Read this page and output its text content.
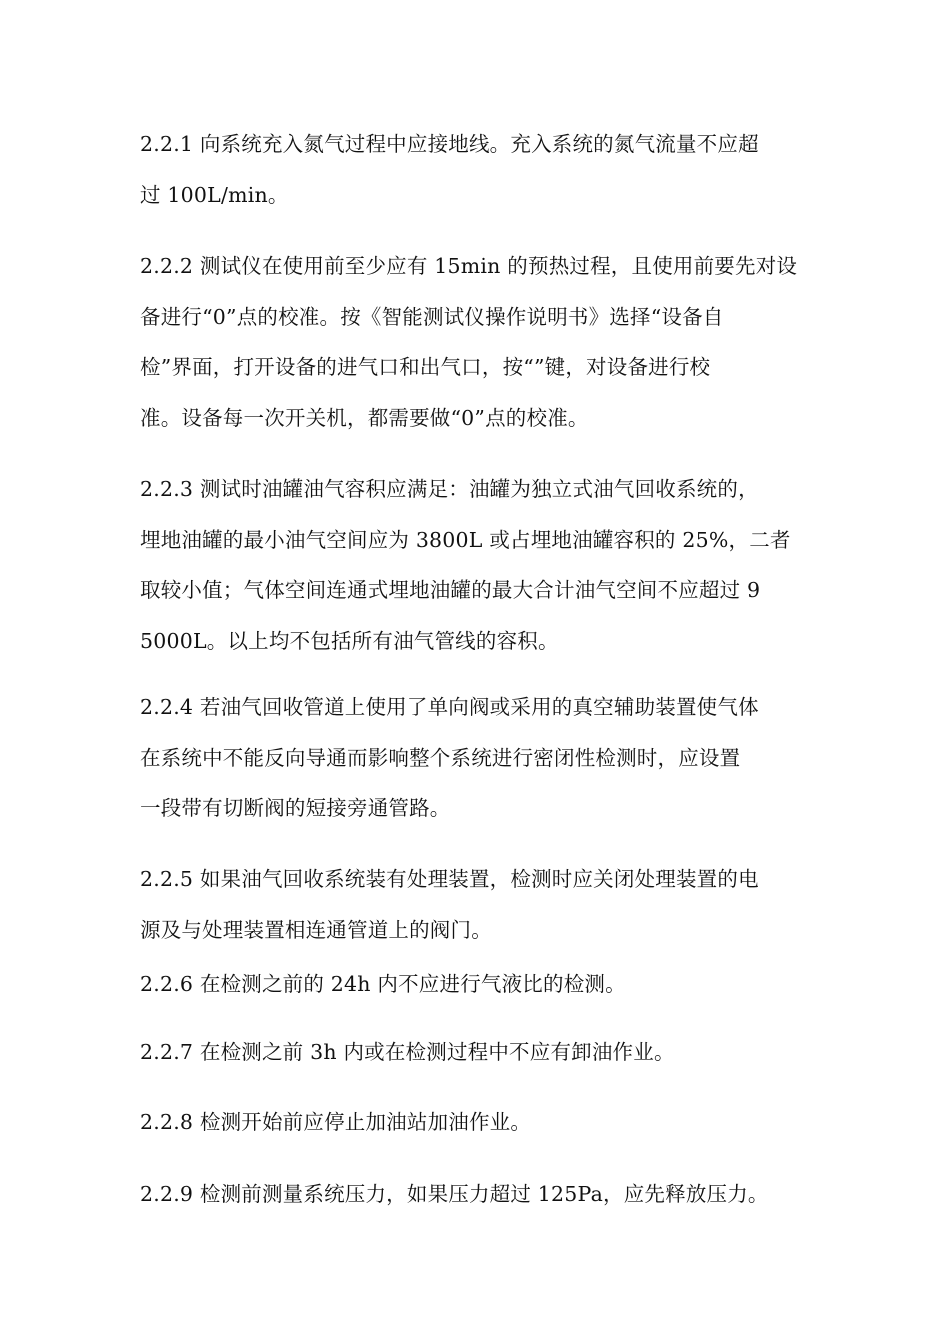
2.2.1 向系统充入氮气过程中应接地线。充入系统的氮气流量不应超
过 100L/min。

2.2.2 测试仪在使用前至少应有 15min 的预热过程，且使用前要先对设
备进行“0”点的校准。按《智能测试仪操作说明书》选择“设备自
检”界面，打开设备的进气口和出气口，按“”键，对设备进行校
准。设备每一次开关机，都需要做“0”点的校准。

2.2.3 测试时油罐油气容积应满足：油罐为独立式油气回收系统的，
埋地油罐的最小油气空间应为 3800L 或占埋地油罐容积的 25%，二者
取较小值；气体空间连通式埋地油罐的最大合计油气空间不应超过 9
5000L。以上均不包括所有油气管线的容积。

2.2.4 若油气回收管道上使用了单向阀或采用的真空辅助装置使气体
在系统中不能反向导通而影响整个系统进行密闭性检测时，应设置
一段带有切断阀的短接旁通管路。

2.2.5 如果油气回收系统装有处理装置，检测时应关闭处理装置的电
源及与处理装置相连通管道上的阀门。

2.2.6 在检测之前的 24h 内不应进行气液比的检测。

2.2.7 在检测之前 3h 内或在检测过程中不应有卸油作业。

2.2.8 检测开始前应停止加油站加油作业。

2.2.9 检测前测量系统压力，如果压力超过 125Pa，应先释放压力。
